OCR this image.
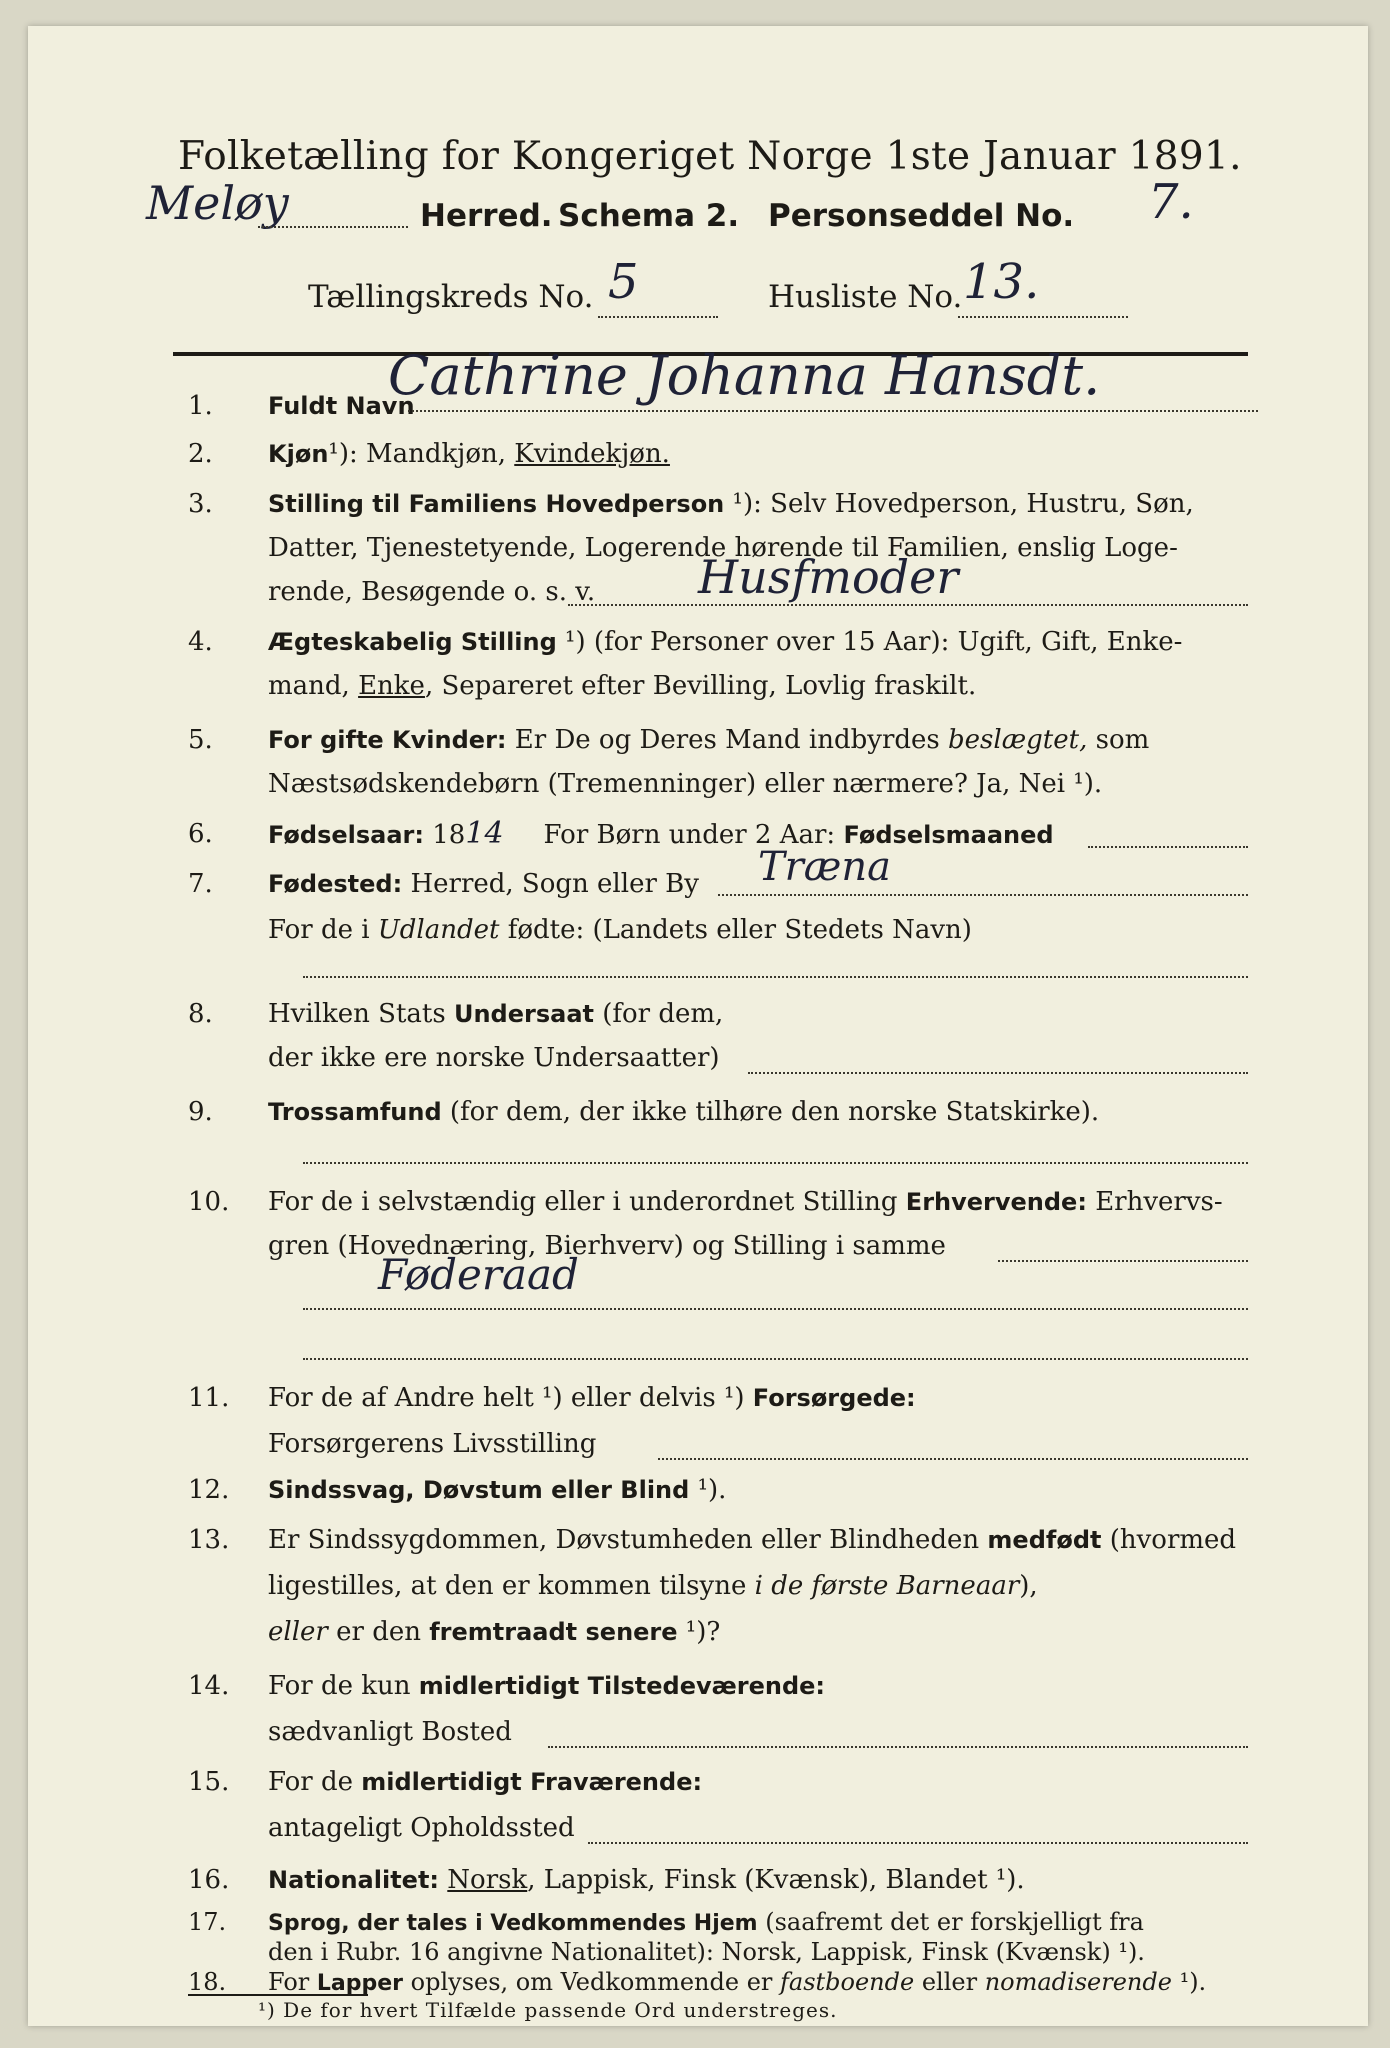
Folketælling for Kongeriget Norge 1ste Januar 1891.
Meløy	Herred. Schema 2. Personseddel No. 7.
Tællingskreds No. 5	Husliste No. 13.
1.	Fuldt Navn
Cathrine Johanna Hansdt.
2.	Kjøn¹): Mandkjøn, Kvindekjøn.
3.	Stilling til Familiens Hovedperson ¹): Selv Hovedperson, Hustru, Søn,
Datter, Tjenestetyende, Logerende hørende til Familien, enslig Loge-
rende, Besøgende o. s. v.	Husfmoder
4.	Ægteskabelig Stilling ¹) (for Personer over 15 Aar): Ugift, Gift, Enke-
mand, Enke, Separeret efter Bevilling, Lovlig fraskilt.
5.	For gifte Kvinder: Er De og Deres Mand indbyrdes beslægtet, som
Næstsødskendebørn (Tremenninger) eller nærmere? Ja, Nei ¹).
6.	Fødselsaar: 1814 For Børn under 2 Aar: Fødselsmaaned
7.	Fødested: Herred, Sogn eller By	Træna
For de i Udlandet fødte: (Landets eller Stedets Navn)
8.	Hvilken Stats Undersaat (for dem,
der ikke ere norske Undersaatter)
9.	Trossamfund (for dem, der ikke tilhøre den norske Statskirke).
10.	For de i selvstændig eller i underordnet Stilling Erhvervende: Erhvervs-
gren (Hovednæring, Bierhverv) og Stilling i samme
Føderaad
11.	For de af Andre helt ¹) eller delvis ¹) Forsørgede:
Forsørgerens Livsstilling
12.	Sindssvag, Døvstum eller Blind ¹).
13.	Er Sindssygdommen, Døvstumheden eller Blindheden medfødt (hvormed
ligestilles, at den er kommen tilsyne i de første Barneaar),
eller er den fremtraadt senere ¹)?
14.	For de kun midlertidigt Tilstedeværende:
sædvanligt Bosted
15.	For de midlertidigt Fraværende:
antageligt Opholdssted
16.	Nationalitet: Norsk, Lappisk, Finsk (Kvænsk), Blandet ¹).
¹) De for hvert Tilfælde passende Ord understreges.
17.	Sprog, der tales i Vedkommendes Hjem (saafremt det er forskjelligt fra
den i Rubr. 16 angivne Nationalitet): Norsk, Lappisk, Finsk (Kvænsk) ¹).
18.	For Lapper oplyses, om Vedkommende er fastboende eller nomadiserende ¹).
